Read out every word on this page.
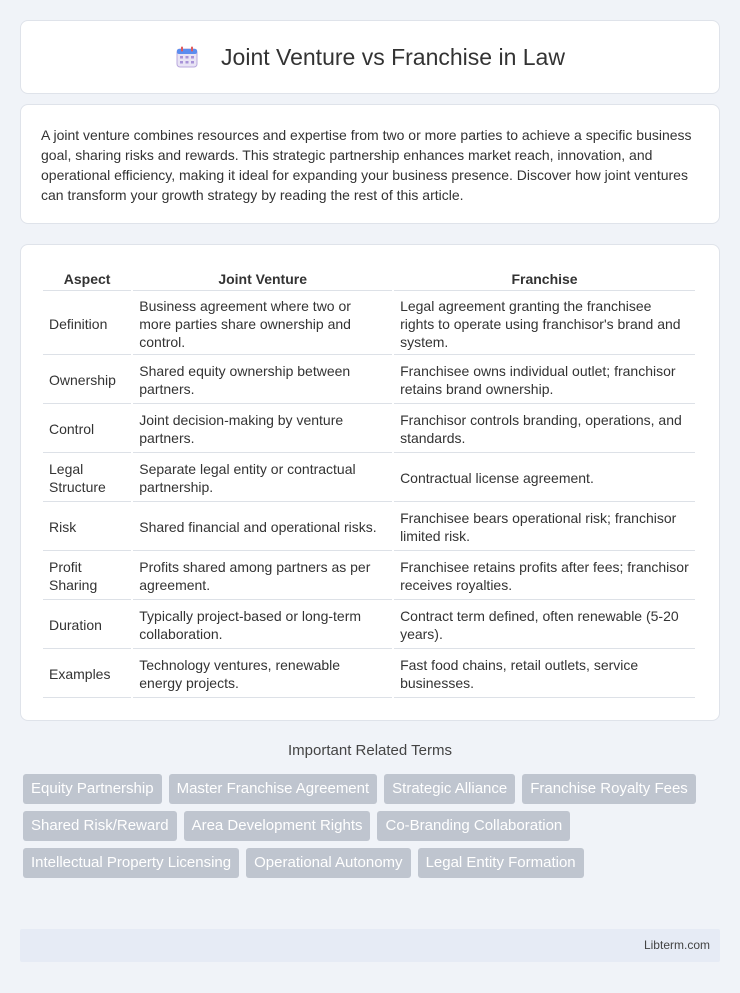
Joint Venture vs Franchise in Law

A joint venture combines resources and expertise from two or more parties to achieve a specific business goal, sharing risks and rewards. This strategic partnership enhances market reach, innovation, and operational efficiency, making it ideal for expanding your business presence. Discover how joint ventures can transform your growth strategy by reading the rest of this article.

Aspect	Joint Venture	Franchise
Definition	Business agreement where two or more parties share ownership and control.	Legal agreement granting the franchisee rights to operate using franchisor's brand and system.
Ownership	Shared equity ownership between partners.	Franchisee owns individual outlet; franchisor retains brand ownership.
Control	Joint decision-making by venture partners.	Franchisor controls branding, operations, and standards.
Legal Structure	Separate legal entity or contractual partnership.	Contractual license agreement.
Risk	Shared financial and operational risks.	Franchisee bears operational risk; franchisor limited risk.
Profit Sharing	Profits shared among partners as per agreement.	Franchisee retains profits after fees; franchisor receives royalties.
Duration	Typically project-based or long-term collaboration.	Contract term defined, often renewable (5-20 years).
Examples	Technology ventures, renewable energy projects.	Fast food chains, retail outlets, service businesses.
Important Related Terms
Equity Partnership	Master Franchise Agreement	Strategic Alliance	Franchise Royalty Fees
Shared Risk/Reward	Area Development Rights	Co-Branding Collaboration
Intellectual Property Licensing	Operational Autonomy	Legal Entity Formation
Libterm.com
